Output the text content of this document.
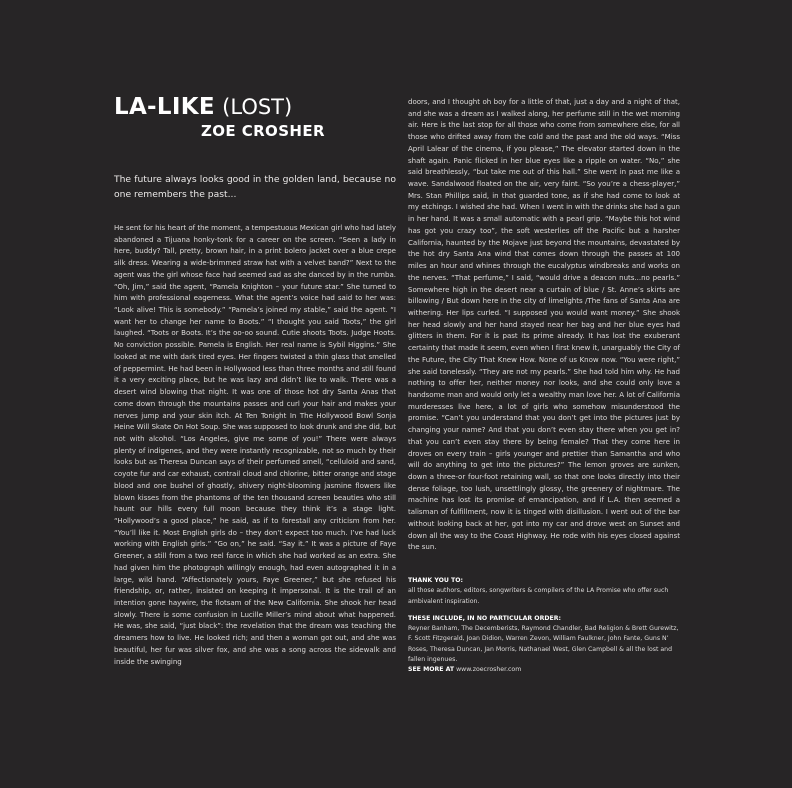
LA-LIKE (LOST)
ZOE CROSHER

The future always looks good in the golden land, because no one remembers the past...

He sent for his heart of the moment, a tempestuous Mexican girl who had lately abandoned a Tijuana honky-tonk for a career on the screen. “Seen a lady in here, buddy? Tall, pretty, brown hair, in a print bolero jacket over a blue crepe silk dress. Wearing a wide-brimmed straw hat with a velvet band?” Next to the agent was the girl whose face had seemed sad as she danced by in the rumba. “Oh, Jim,” said the agent, “Pamela Knighton – your future star.” She turned to him with professional eagerness. What the agent’s voice had said to her was: “Look alive! This is somebody.” “Pamela’s joined my stable,” said the agent. “I want her to change her name to Boots.” “I thought you said Toots,” the girl laughed. “Toots or Boots. It’s the oo-oo sound. Cutie shoots Toots. Judge Hoots. No conviction possible. Pamela is English. Her real name is Sybil Higgins.” She looked at me with dark tired eyes. Her fingers twisted a thin glass that smelled of peppermint. He had been in Hollywood less than three months and still found it a very exciting place, but he was lazy and didn’t like to walk. There was a desert wind blowing that night. It was one of those hot dry Santa Anas that come down through the mountains passes and curl your hair and makes your nerves jump and your skin itch. At Ten Tonight In The Hollywood Bowl Sonja Heine Will Skate On Hot Soup. She was supposed to look drunk and she did, but not with alcohol. “Los Angeles, give me some of you!” There were always plenty of indigenes, and they were instantly recognizable, not so much by their looks but as Theresa Duncan says of their perfumed smell, “celluloid and sand, coyote fur and car exhaust, contrail cloud and chlorine, bitter orange and stage blood and one bushel of ghostly, shivery night-blooming jasmine flowers like blown kisses from the phantoms of the ten thousand screen beauties who still haunt our hills every full moon because they think it’s a stage light. “Hollywood’s a good place,” he said, as if to forestall any criticism from her. “You’ll like it. Most English girls do – they don’t expect too much. I’ve had luck working with English girls.” “Go on,” he said. “Say it.” It was a picture of Faye Greener, a still from a two reel farce in which she had worked as an extra. She had given him the photograph willingly enough, had even autographed it in a large, wild hand. “Affectionately yours, Faye Greener,” but she refused his friendship, or, rather, insisted on keeping it impersonal. It is the trail of an intention gone haywire, the flotsam of the New California. She shook her head slowly. There is some confusion in Lucille Miller’s mind about what happened. He was, she said, “just black”: the revelation that the dream was teaching the dreamers how to live. He looked rich; and then a woman got out, and she was beautiful, her fur was silver fox, and she was a song across the sidewalk and inside the swinging

doors, and I thought oh boy for a little of that, just a day and a night of that, and she was a dream as I walked along, her perfume still in the wet morning air. Here is the last stop for all those who come from somewhere else, for all those who drifted away from the cold and the past and the old ways. “Miss April Lalear of the cinema, if you please,” The elevator started down in the shaft again. Panic flicked in her blue eyes like a ripple on water. “No,” she said breathlessly, “but take me out of this hall.” She went in past me like a wave. Sandalwood floated on the air, very faint. “So you’re a chess-player,” Mrs. Stan Phillips said, in that guarded tone, as if she had come to look at my etchings. I wished she had. When I went in with the drinks she had a gun in her hand. It was a small automatic with a pearl grip. “Maybe this hot wind has got you crazy too”, the soft westerlies off the Pacific but a harsher California, haunted by the Mojave just beyond the mountains, devastated by the hot dry Santa Ana wind that comes down through the passes at 100 miles an hour and whines through the eucalyptus windbreaks and works on the nerves. “That perfume,” I said, “would drive a deacon nuts...no pearls.” Somewhere high in the desert near a curtain of blue / St. Anne’s skirts are billowing / But down here in the city of limelights /The fans of Santa Ana are withering. Her lips curled. “I supposed you would want money.” She shook her head slowly and her hand stayed near her bag and her blue eyes had glitters in them. For it is past its prime already. It has lost the exuberant certainty that made it seem, even when I first knew it, unarguably the City of the Future, the City That Knew How. None of us Know now. “You were right,” she said tonelessly. “They are not my pearls.” She had told him why. He had nothing to offer her, neither money nor looks, and she could only love a handsome man and would only let a wealthy man love her. A lot of California murderesses live here, a lot of girls who somehow misunderstood the promise. “Can’t you understand that you don’t get into the pictures just by changing your name? And that you don’t even stay there when you get in? that you can’t even stay there by being female? That they come here in droves on every train – girls younger and prettier than Samantha and who will do anything to get into the pictures?” The lemon groves are sunken, down a three-or four-foot retaining wall, so that one looks directly into their dense foliage, too lush, unsettlingly glossy, the greenery of nightmare. The machine has lost its promise of emancipation, and if L.A. then seemed a talisman of fulfillment, now it is tinged with disillusion. I went out of the bar without looking back at her, got into my car and drove west on Sunset and down all the way to the Coast Highway. He rode with his eyes closed against the sun.

THANK YOU TO:
all those authors, editors, songwriters & compilers of the LA Promise who offer such ambivalent inspiration.
THESE INCLUDE, IN NO PARTICULAR ORDER:
Reyner Banham, The Decemberists, Raymond Chandler, Bad Religion & Brett Gurewitz, F. Scott Fitzgerald, Joan Didion, Warren Zevon, William Faulkner, John Fante, Guns N’ Roses, Theresa Duncan, Jan Morris, Nathanael West, Glen Campbell & all the lost and fallen ingenues.
SEE MORE AT www.zoecrosher.com
